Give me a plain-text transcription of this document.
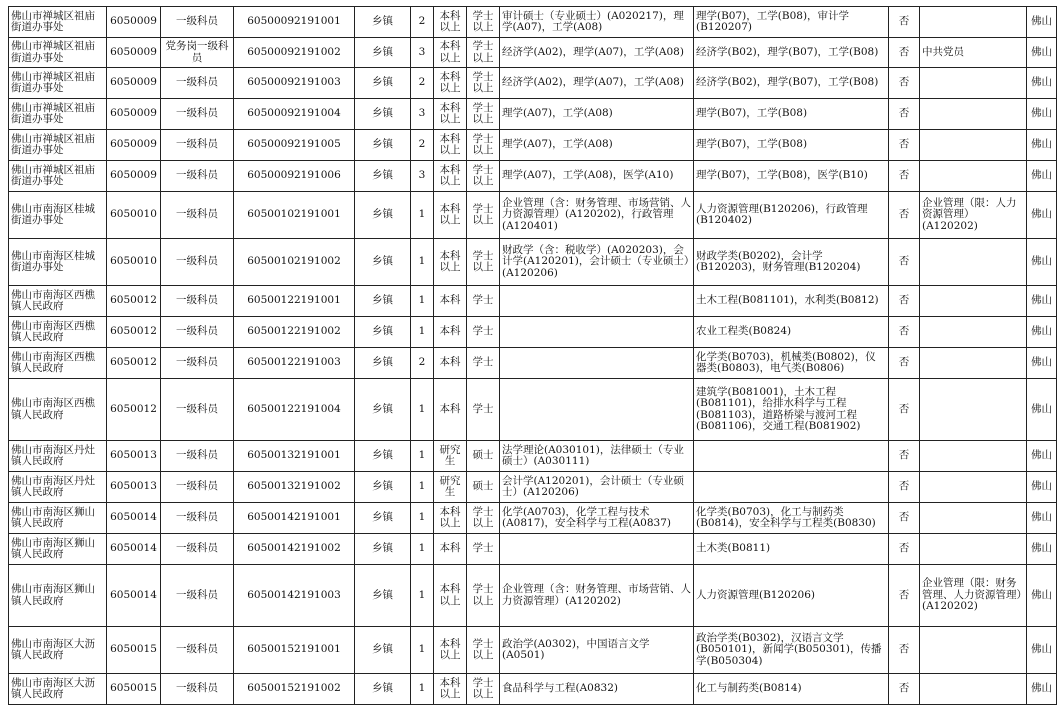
佛山市禅城区祖庙街道办事处	6050009	一级科员	60500092191001	乡镇	2	本科以上	学士以上	审计硕士（专业硕士）(A020217)，理学(A07)，工学(A08)	理学(B07)，工学(B08)，审计学(B120207)	否		佛山
佛山市禅城区祖庙街道办事处	6050009	党务岗一级科员	60500092191002	乡镇	3	本科以上	学士以上	经济学(A02)，理学(A07)，工学(A08)	经济学(B02)，理学(B07)，工学(B08)	否	中共党员	佛山
佛山市禅城区祖庙街道办事处	6050009	一级科员	60500092191003	乡镇	2	本科以上	学士以上	经济学(A02)，理学(A07)，工学(A08)	经济学(B02)，理学(B07)，工学(B08)	否		佛山
佛山市禅城区祖庙街道办事处	6050009	一级科员	60500092191004	乡镇	3	本科以上	学士以上	理学(A07)，工学(A08)	理学(B07)，工学(B08)	否		佛山
佛山市禅城区祖庙街道办事处	6050009	一级科员	60500092191005	乡镇	2	本科以上	学士以上	理学(A07)，工学(A08)	理学(B07)，工学(B08)	否		佛山
佛山市禅城区祖庙街道办事处	6050009	一级科员	60500092191006	乡镇	3	本科以上	学士以上	理学(A07)，工学(A08)，医学(A10)	理学(B07)，工学(B08)，医学(B10)	否		佛山
佛山市南海区桂城街道办事处	6050010	一级科员	60500102191001	乡镇	1	本科以上	学士以上	企业管理（含：财务管理、市场营销、人力资源管理）(A120202)，行政管理(A120401)	人力资源管理(B120206)，行政管理(B120402)	否	企业管理（限：人力资源管理）(A120202)	佛山
佛山市南海区桂城街道办事处	6050010	一级科员	60500102191002	乡镇	1	本科以上	学士以上	财政学（含：税收学）(A020203)，会计学(A120201)，会计硕士（专业硕士）(A120206)	财政学类(B0202)，会计学(B120203)，财务管理(B120204)	否		佛山
佛山市南海区西樵镇人民政府	6050012	一级科员	60500122191001	乡镇	1	本科	学士		土木工程(B081101)，水利类(B0812)	否		佛山
佛山市南海区西樵镇人民政府	6050012	一级科员	60500122191002	乡镇	1	本科	学士		农业工程类(B0824)	否		佛山
佛山市南海区西樵镇人民政府	6050012	一级科员	60500122191003	乡镇	2	本科	学士		化学类(B0703)，机械类(B0802)，仪器类(B0803)，电气类(B0806)	否		佛山
佛山市南海区西樵镇人民政府	6050012	一级科员	60500122191004	乡镇	1	本科	学士		建筑学(B081001)，土木工程(B081101)，给排水科学与工程(B081103)，道路桥梁与渡河工程(B081106)，交通工程(B081902)	否		佛山
佛山市南海区丹灶镇人民政府	6050013	一级科员	60500132191001	乡镇	1	研究生	硕士	法学理论(A030101)，法律硕士（专业硕士）(A030111)		否		佛山
佛山市南海区丹灶镇人民政府	6050013	一级科员	60500132191002	乡镇	1	研究生	硕士	会计学(A120201)，会计硕士（专业硕士）(A120206)		否		佛山
佛山市南海区狮山镇人民政府	6050014	一级科员	60500142191001	乡镇	1	本科以上	学士以上	化学(A0703)，化学工程与技术(A0817)，安全科学与工程(A0837)	化学类(B0703)，化工与制药类(B0814)，安全科学与工程类(B0830)	否		佛山
佛山市南海区狮山镇人民政府	6050014	一级科员	60500142191002	乡镇	1	本科	学士		土木类(B0811)	否		佛山
佛山市南海区狮山镇人民政府	6050014	一级科员	60500142191003	乡镇	1	本科以上	学士以上	企业管理（含：财务管理、市场营销、人力资源管理）(A120202)	人力资源管理(B120206)	否	企业管理（限：财务管理、人力资源管理）(A120202)	佛山
佛山市南海区大沥镇人民政府	6050015	一级科员	60500152191001	乡镇	1	本科以上	学士以上	政治学(A0302)，中国语言文学(A0501)	政治学类(B0302)，汉语言文学(B050101)，新闻学(B050301)，传播学(B050304)	否		佛山
佛山市南海区大沥镇人民政府	6050015	一级科员	60500152191002	乡镇	1	本科以上	学士以上	食品科学与工程(A0832)	化工与制药类(B0814)	否		佛山
